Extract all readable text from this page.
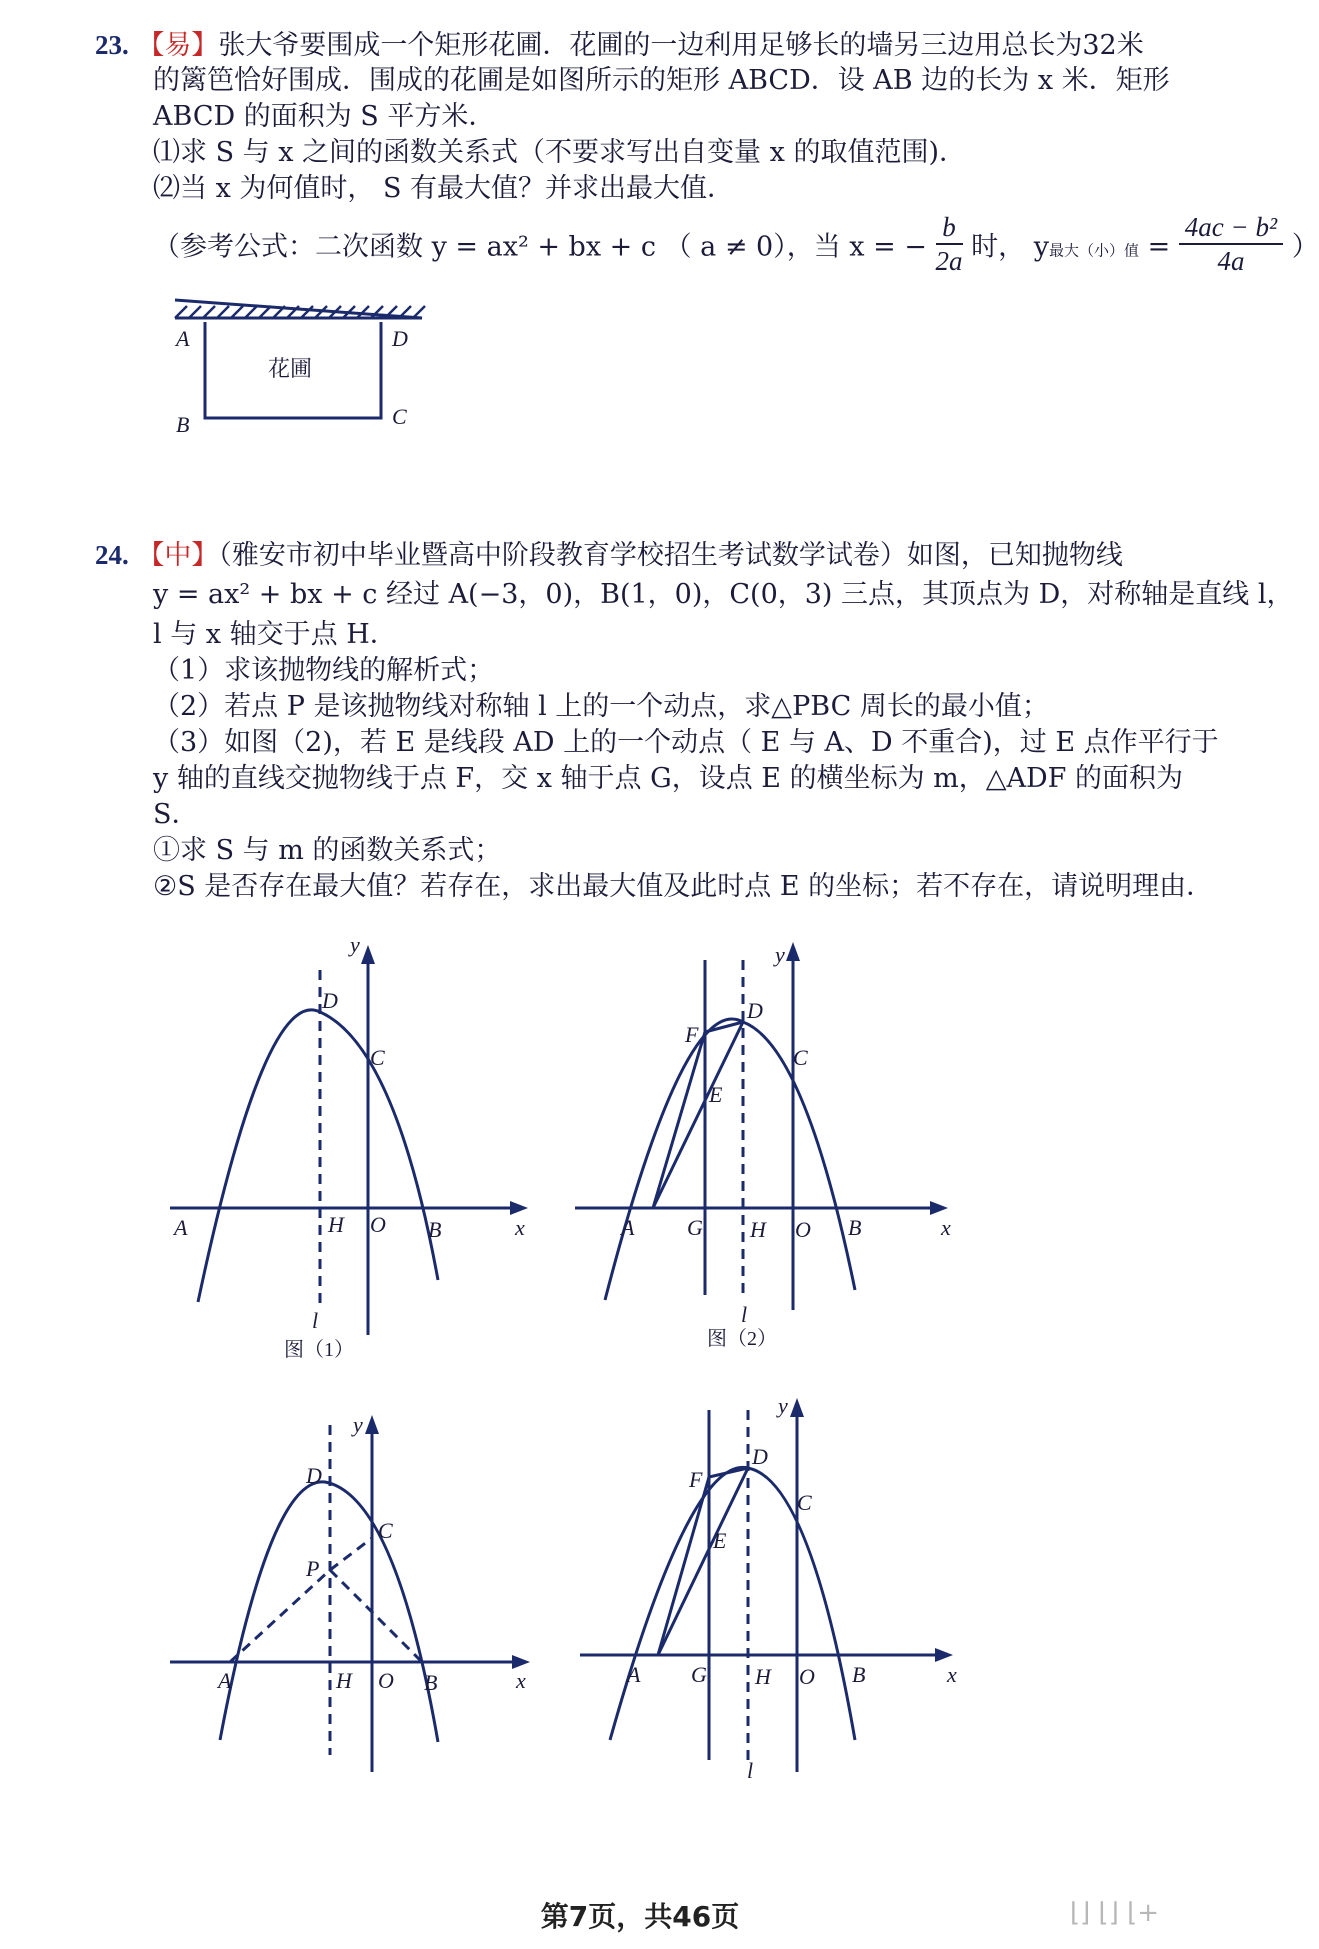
23. 【易】张大爷要围成一个矩形花圃．花圃的一边利用足够长的墙另三边用总长为32米
的篱笆恰好围成．围成的花圃是如图所示的矩形 ABCD．设 AB 边的长为 x 米．矩形
ABCD 的面积为 S 平方米．
⑴求 S 与 x 之间的函数关系式（不要求写出自变量 x 的取值范围)．
⑵当 x 为何值时， S 有最大值？并求出最大值．
（参考公式：二次函数 y = ax² + bx + c （ a ≠ 0），当 x = − $\frac{b}{2a}$ 时， y最大（小）值 = $\frac{\text{4ac − b²}}{4a}$ ）
A	D
B	C
花圃
24. 【中】（雅安市初中毕业暨高中阶段教育学校招生考试数学试卷）如图，已知抛物线
y = ax² + bx + c 经过 A(−3，0)，B(1，0)，C(0，3) 三点，其顶点为 D，对称轴是直线 l，
l 与 x 轴交于点 H．
（1）求该抛物线的解析式；
（2）若点 P 是该抛物线对称轴 l 上的一个动点，求△PBC 周长的最小值；
（3）如图（2)，若 E 是线段 AD 上的一个动点（ E 与 A、D 不重合)，过 E 点作平行于
y 轴的直线交抛物线于点 F，交 x 轴于点 G，设点 E 的横坐标为 m，△ADF 的面积为
S．
①求 S 与 m 的函数关系式；
②S 是否存在最大值？若存在，求出最大值及此时点 E 的坐标；若不存在，请说明理由．
A	H O B	x
y
D
C
l
图（1）
A G H O B	x
y
D
F
E
C
l
图（2）
A	H O B	x
y
D
C
P
A G H O B	x
y
D
F
E
C
l
第7页，共46页	⌊⌋ ⌊⌋ ⌊+
